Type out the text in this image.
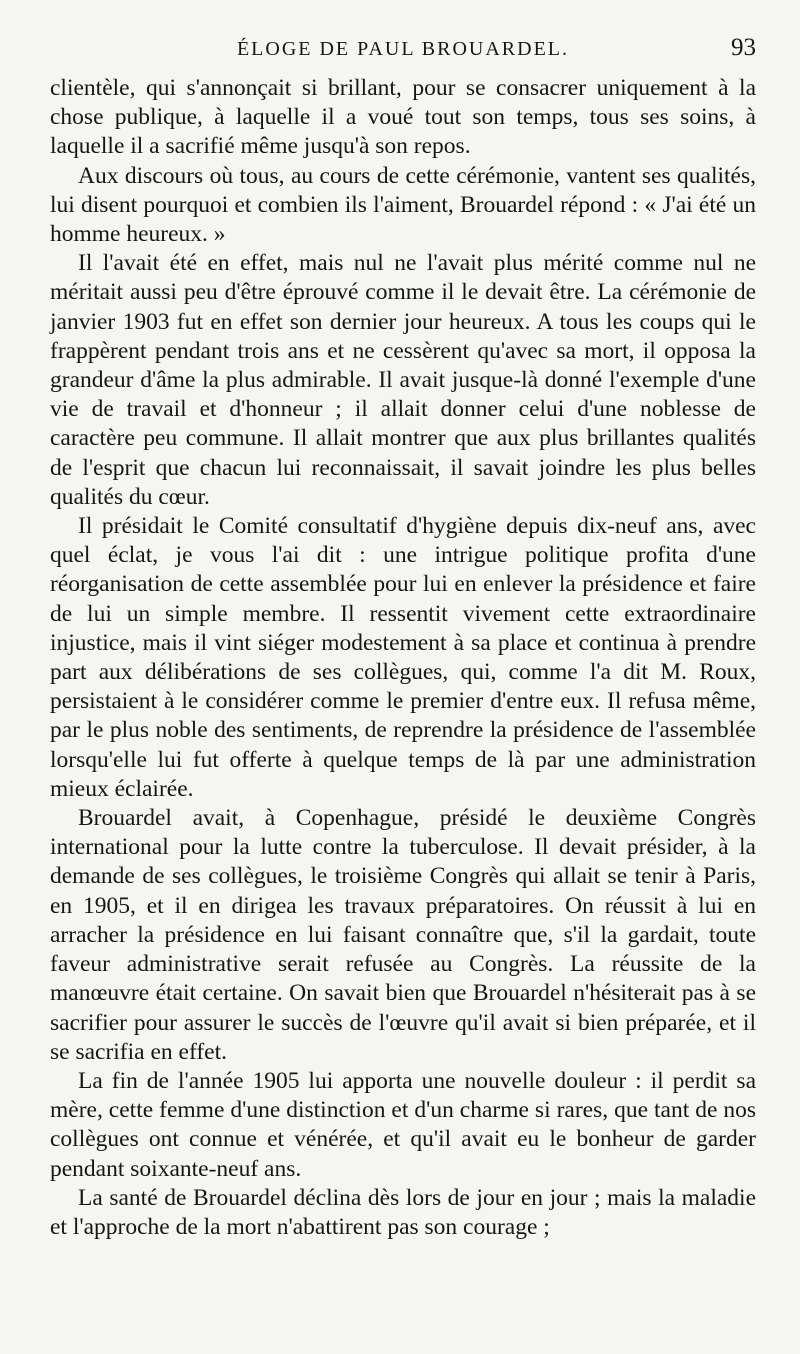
ÉLOGE DE PAUL BROUARDEL.	93

clientèle, qui s'annonçait si brillant, pour se consacrer uniquement à la chose publique, à laquelle il a voué tout son temps, tous ses soins, à laquelle il a sacrifié même jusqu'à son repos.

Aux discours où tous, au cours de cette cérémonie, vantent ses qualités, lui disent pourquoi et combien ils l'aiment, Brouardel répond : « J'ai été un homme heureux. »

Il l'avait été en effet, mais nul ne l'avait plus mérité comme nul ne méritait aussi peu d'être éprouvé comme il le devait être. La cérémonie de janvier 1903 fut en effet son dernier jour heureux. A tous les coups qui le frappèrent pendant trois ans et ne cessèrent qu'avec sa mort, il opposa la grandeur d'âme la plus admirable. Il avait jusque-là donné l'exemple d'une vie de travail et d'honneur ; il allait donner celui d'une noblesse de caractère peu commune. Il allait montrer que aux plus brillantes qualités de l'esprit que chacun lui reconnaissait, il savait joindre les plus belles qualités du cœur.

Il présidait le Comité consultatif d'hygiène depuis dix-neuf ans, avec quel éclat, je vous l'ai dit : une intrigue politique profita d'une réorganisation de cette assemblée pour lui en enlever la présidence et faire de lui un simple membre. Il ressentit vivement cette extraordinaire injustice, mais il vint siéger modestement à sa place et continua à prendre part aux délibérations de ses collègues, qui, comme l'a dit M. Roux, persistaient à le considérer comme le premier d'entre eux. Il refusa même, par le plus noble des sentiments, de reprendre la présidence de l'assemblée lorsqu'elle lui fut offerte à quelque temps de là par une administration mieux éclairée.

Brouardel avait, à Copenhague, présidé le deuxième Congrès international pour la lutte contre la tuberculose. Il devait présider, à la demande de ses collègues, le troisième Congrès qui allait se tenir à Paris, en 1905, et il en dirigea les travaux préparatoires. On réussit à lui en arracher la présidence en lui faisant connaître que, s'il la gardait, toute faveur administrative serait refusée au Congrès. La réussite de la manœuvre était certaine. On savait bien que Brouardel n'hésiterait pas à se sacrifier pour assurer le succès de l'œuvre qu'il avait si bien préparée, et il se sacrifia en effet.

La fin de l'année 1905 lui apporta une nouvelle douleur : il perdit sa mère, cette femme d'une distinction et d'un charme si rares, que tant de nos collègues ont connue et vénérée, et qu'il avait eu le bonheur de garder pendant soixante-neuf ans.

La santé de Brouardel déclina dès lors de jour en jour ; mais la maladie et l'approche de la mort n'abattirent pas son courage ;
